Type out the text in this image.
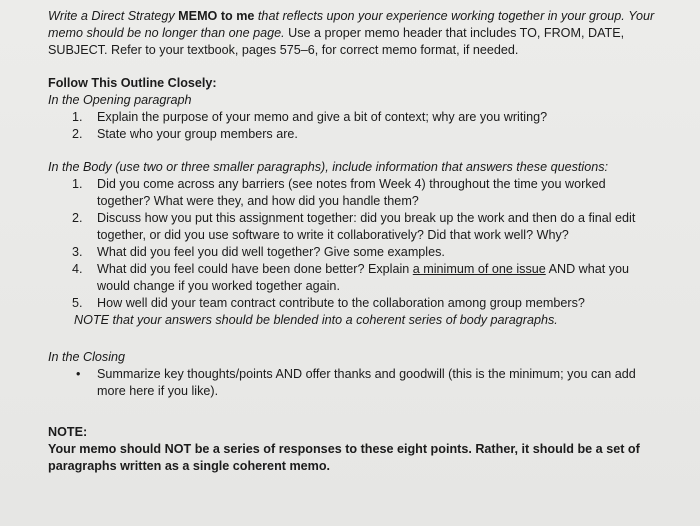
Write a Direct Strategy MEMO to me that reflects upon your experience working together in your group. Your memo should be no longer than one page. Use a proper memo header that includes TO, FROM, DATE, SUBJECT. Refer to your textbook, pages 575–6, for correct memo format, if needed.

Follow This Outline Closely:

In the Opening paragraph

1. Explain the purpose of your memo and give a bit of context; why are you writing?
2. State who your group members are.

In the Body (use two or three smaller paragraphs), include information that answers these questions:

1. Did you come across any barriers (see notes from Week 4) throughout the time you worked together? What were they, and how did you handle them?
2. Discuss how you put this assignment together: did you break up the work and then do a final edit together, or did you use software to write it collaboratively? Did that work well? Why?
3. What did you feel you did well together? Give some examples.
4. What did you feel could have been done better? Explain a minimum of one issue AND what you would change if you worked together again.
5. How well did your team contract contribute to the collaboration among group members?

NOTE that your answers should be blended into a coherent series of body paragraphs.

In the Closing

• Summarize key thoughts/points AND offer thanks and goodwill (this is the minimum; you can add more here if you like).

NOTE:

Your memo should NOT be a series of responses to these eight points. Rather, it should be a set of paragraphs written as a single coherent memo.
